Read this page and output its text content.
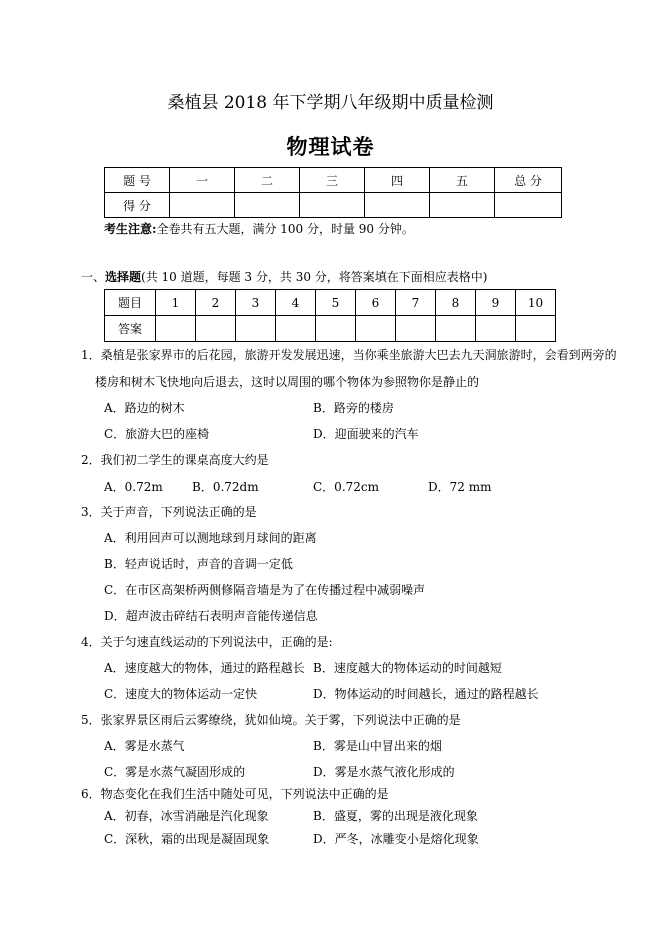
桑植县 2018 年下学期八年级期中质量检测
物理试卷
题 号	一	二	三	四	五	总 分
得 分						
考生注意:全卷共有五大题，满分 100 分，时量 90 分钟。
一、选择题(共 10 道题，每题 3 分，共 30 分，将答案填在下面相应表格中)
题目	1	2	3	4	5	6	7	8	9	10
答案										
1．桑植是张家界市的后花园，旅游开发发展迅速，当你乘坐旅游大巴去九天洞旅游时，会看到两旁的
楼房和树木飞快地向后退去，这时以周围的哪个物体为参照物你是静止的
A．路边的树木	B．路旁的楼房
C．旅游大巴的座椅	D．迎面驶来的汽车
2．我们初二学生的课桌高度大约是
A．0.72m B．0.72dm	C．0.72cm	D．72 mm
3．关于声音，下列说法正确的是
A．利用回声可以测地球到月球间的距离
B．轻声说话时，声音的音调一定低
C．在市区高架桥两侧修隔音墙是为了在传播过程中减弱噪声
D．超声波击碎结石表明声音能传递信息
4．关于匀速直线运动的下列说法中，正确的是:
A．速度越大的物体，通过的路程越长 B．速度越大的物体运动的时间越短
C．速度大的物体运动一定快	D．物体运动的时间越长，通过的路程越长
5．张家界景区雨后云雾缭绕，犹如仙境。关于雾，下列说法中正确的是
A．雾是水蒸气	B．雾是山中冒出来的烟
C．雾是水蒸气凝固形成的	D．雾是水蒸气液化形成的
6．物态变化在我们生活中随处可见，下列说法中正确的是
A．初春，冰雪消融是汽化现象	B．盛夏，雾的出现是液化现象
C．深秋，霜的出现是凝固现象	D．严冬，冰雕变小是熔化现象
